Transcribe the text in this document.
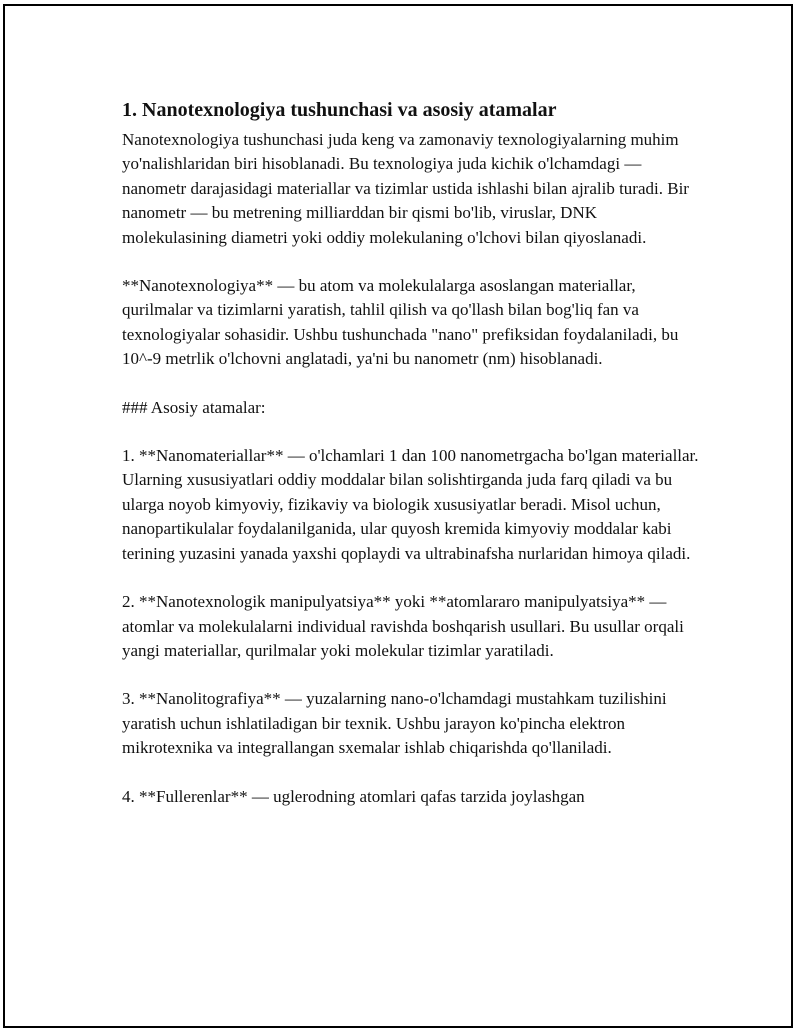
1. Nanotexnologiya tushunchasi va asosiy atamalar

Nanotexnologiya tushunchasi juda keng va zamonaviy texnologiyalarning muhim yo'nalishlaridan biri hisoblanadi. Bu texnologiya juda kichik o'lchamdagi — nanometr darajasidagi materiallar va tizimlar ustida ishlashi bilan ajralib turadi. Bir nanometr — bu metrening milliarddan bir qismi bo'lib, viruslar, DNK molekulasining diametri yoki oddiy molekulaning o'lchovi bilan qiyoslanadi.

**Nanotexnologiya** — bu atom va molekulalarga asoslangan materiallar, qurilmalar va tizimlarni yaratish, tahlil qilish va qo'llash bilan bog'liq fan va texnologiyalar sohasidir. Ushbu tushunchada "nano" prefiksidan foydalaniladi, bu 10^-9 metrlik o'lchovni anglatadi, ya'ni bu nanometr (nm) hisoblanadi.

### Asosiy atamalar:

1. **Nanomateriallar** — o'lchamlari 1 dan 100 nanometrgacha bo'lgan materiallar. Ularning xususiyatlari oddiy moddalar bilan solishtirganda juda farq qiladi va bu ularga noyob kimyoviy, fizikaviy va biologik xususiyatlar beradi. Misol uchun, nanopartikulalar foydalanilganida, ular quyosh kremida kimyoviy moddalar kabi terining yuzasini yanada yaxshi qoplaydi va ultrabinafsha nurlaridan himoya qiladi.

2. **Nanotexnologik manipulyatsiya** yoki **atomlararo manipulyatsiya** — atomlar va molekulalarni individual ravishda boshqarish usullari. Bu usullar orqali yangi materiallar, qurilmalar yoki molekular tizimlar yaratiladi.

3. **Nanolitografiya** — yuzalarning nano-o'lchamdagi mustahkam tuzilishini yaratish uchun ishlatiladigan bir texnik. Ushbu jarayon ko'pincha elektron mikrotexnika va integrallangan sxemalar ishlab chiqarishda qo'llaniladi.

4. **Fullerenlar** — uglerodning atomlari qafas tarzida joylashgan
